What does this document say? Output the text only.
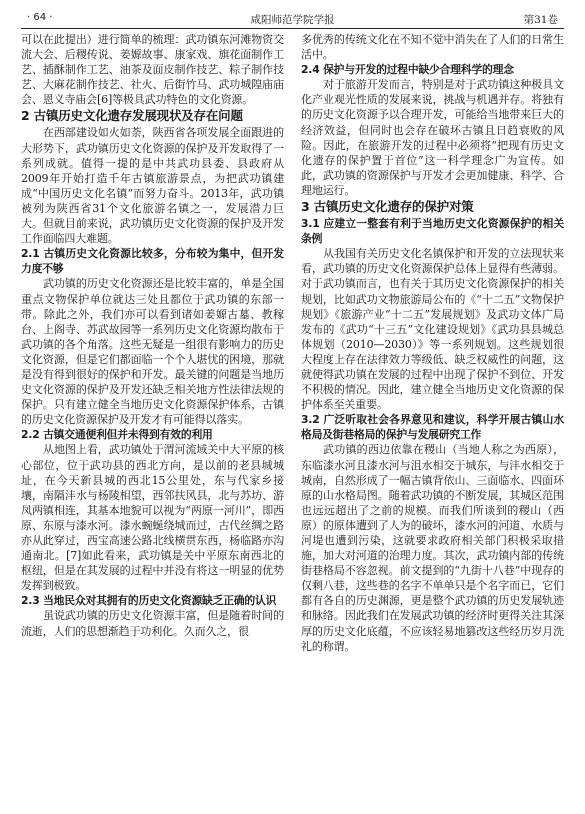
· 64 ·	咸阳师范学院学报	第31卷

可以在此提出）进行简单的梳理：武功镇东河滩物资交流大会、后稷传说、姜嫄故事、康家戏、旗花面制作工艺、插酥制作工艺、油茶及面皮制作技艺、粽子制作技艺、大麻花制作技艺、社火、后街竹马、武功城隍庙庙会、恩义寺庙会[6]等极具武功特色的文化资源。

2 古镇历史文化遗存发展现状及存在问题

在西部建设如火如荼，陕西省各项发展全面跟进的大形势下，武功镇历史文化资源的保护及开发取得了一系列成就。值得一提的是中共武功县委、县政府从2009年开始打造千年古镇旅游景点，为把武功镇建成“中国历史文化名镇”而努力奋斗。2013年，武功镇被列为陕西省31个文化旅游名镇之一，发展潜力巨大。但就目前来说，武功镇历史文化资源的保护及开发工作面临四大难题。

2.1 古镇历史文化资源比较多，分布较为集中，但开发力度不够

武功镇的历史文化资源还是比较丰富的，单是全国重点文物保护单位就达三处且都位于武功镇的东部一带。除此之外，我们亦可以看到诸如姜嫄古墓、教稼台、上阁寺、苏武故园等一系列历史文化资源均散布于武功镇的各个角落。这些无疑是一组很有影响力的历史文化资源，但是它们都面临一个个人堪忧的困境，那就是没有得到很好的保护和开发。最关键的问题是当地历史文化资源的保护及开发还缺乏相关地方性法律法规的保护。只有建立健全当地历史文化资源保护体系，古镇的历史文化资源保护及开发才有可能得以落实。

2.2 古镇交通便利但并未得到有效的利用

从地图上看，武功镇处于渭河流域关中大平原的核心部位，位于武功县的西北方向，是以前的老县城城址，在今天新县城的西北15公里处，东与代家乡接壤，南隔沣水与杨陵相望，西邻扶风县，北与苏坊、游凤两镇相连，其基本地貌可以视为“两原一河川”，即西原、东原与漆水河。漆水蜿蜒绕城而过，古代丝绸之路亦从此穿过，西宝高速公路北线横贯东西，杨临路亦沟通南北。[7]如此看来，武功镇是关中平原东南西北的枢纽，但是在其发展的过程中并没有将这一明显的优势发挥到极致。

2.3 当地民众对其拥有的历史文化资源缺乏正确的认识

虽说武功镇的历史文化资源丰富，但是随着时间的流逝，人们的思想渐趋于功利化。久而久之，很

多优秀的传统文化在不知不觉中消失在了人们的日常生活中。

2.4 保护与开发的过程中缺少合理科学的理念

对于旅游开发而言，特别是对于武功镇这种极具文化产业观光性质的发展来说，挑战与机遇并存。将独有的历史文化资源予以合理开发，可能给当地带来巨大的经济效益，但同时也会存在破坏古镇且日趋衰败的风险。因此，在旅游开发的过程中必须将“把现有历史文化遗存的保护置于首位”这一科学理念广为宣传。如此，武功镇的资源保护与开发才会更加健康、科学、合理地运行。

3 古镇历史文化遗存的保护对策
3.1 应建立一整套有利于当地历史文化资源保护的相关条例

从我国有关历史文化名镇保护和开发的立法现状来看，武功镇的历史文化资源保护总体上显得有些薄弱。对于武功镇而言，也有关于其历史文化资源保护的相关规划，比如武功文物旅游局公布的《“十二五”文物保护规划》《旅游产业“十二五”发展规划》及武功文体广局发布的《武功“十三五”文化建设规划》《武功县县城总体规划（2010—2030）》等一系列规划。这些规划很大程度上存在法律效力等级低、缺乏权威性的问题，这就使得武功镇在发展的过程中出现了保护不到位、开发不积极的情况。因此，建立健全当地历史文化资源的保护体系至关重要。

3.2 广泛听取社会各界意见和建议，科学开展古镇山水格局及街巷格局的保护与发展研究工作

武功镇的西边依靠在稷山（当地人称之为西原），东临漆水河且漆水河与沮水相交于城东，与沣水相交于城南，自然形成了一幅古镇背依山、三面临水、四面环原的山水格局图。随着武功镇的不断发展，其城区范围也远远超出了之前的规模。而我们所谈到的稷山（西原）的原体遭到了人为的破坏，漆水河的河道、水质与河堤也遭到污染，这就要求政府相关部门积极采取措施，加大对河道的治理力度。其次，武功镇内部的传统街巷格局不容忽视。前文提到的“九街十八巷”中现存的仅剩八巷，这些巷的名字不单单只是个名字而已，它们都有各自的历史渊源，更是整个武功镇的历史发展轨迹和脉络。因此我们在发展武功镇的经济时更得关注其深厚的历史文化底蕴，不应该轻易地篡改这些经历岁月洗礼的称谓。
